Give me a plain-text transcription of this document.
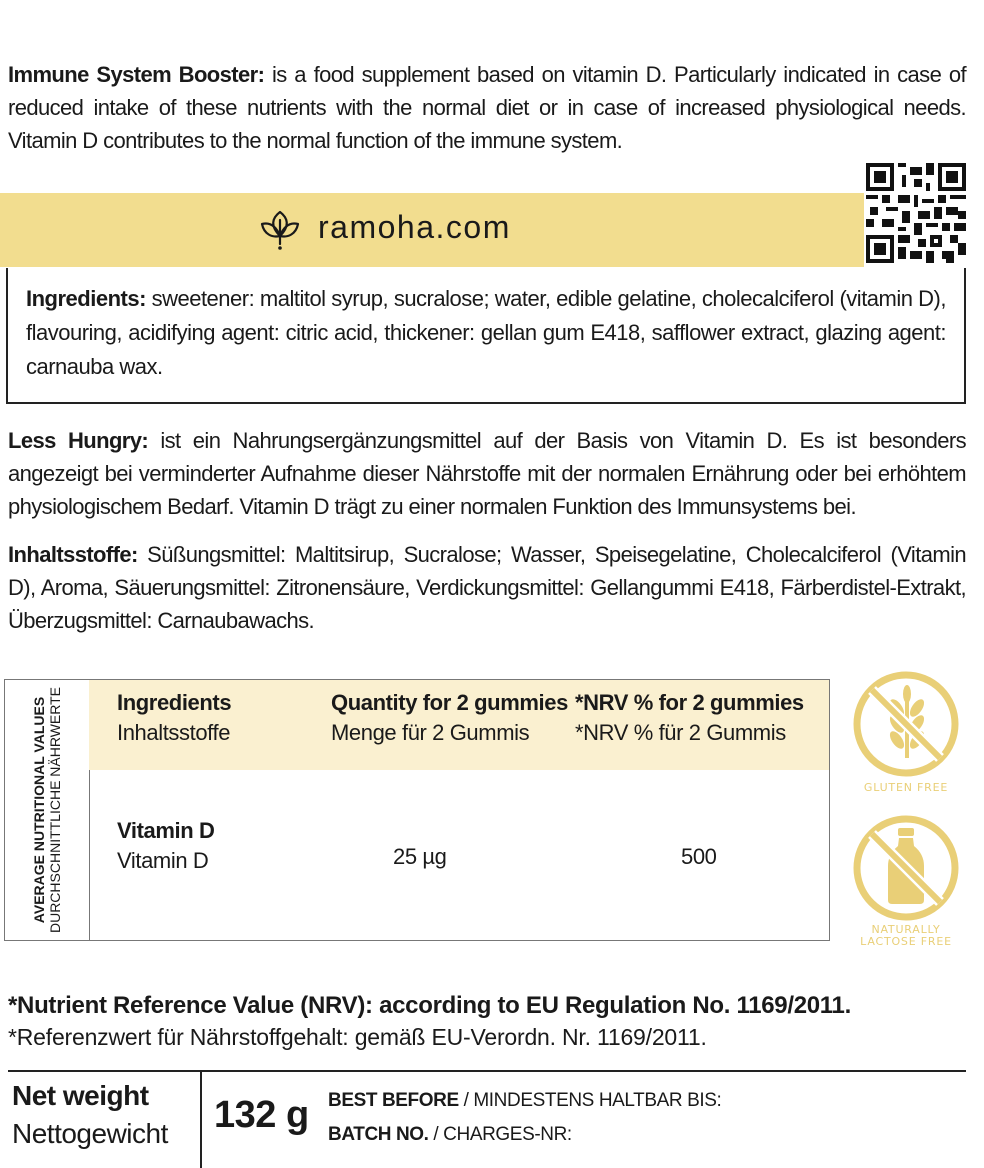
Immune System Booster: is a food supplement based on vitamin D. Particularly indicated in case of reduced intake of these nutrients with the normal diet or in case of increased physiological needs. Vitamin D contributes to the normal function of the immune system.
ramoha.com
Ingredients: sweetener: maltitol syrup, sucralose; water, edible gelatine, cholecalciferol (vitamin D), flavouring, acidifying agent: citric acid, thickener: gellan gum E418, safflower extract, glazing agent: carnauba wax.
Less Hungry: ist ein Nahrungsergänzungsmittel auf der Basis von Vitamin D. Es ist besonders angezeigt bei verminderter Aufnahme dieser Nährstoffe mit der normalen Ernährung oder bei erhöhtem physiologischem Bedarf. Vitamin D trägt zu einer normalen Funktion des Immunsystems bei.
Inhaltsstoffe: Süßungsmittel: Maltitsirup, Sucralose; Wasser, Speisegelatine, Cholecalciferol (Vitamin D), Aroma, Säuerungsmittel: Zitronensäure, Verdickungsmittel: Gellangummi E418, Färberdistel-Extrakt, Überzugsmittel: Carnaubawachs.
AVERAGE NUTRITIONAL VALUES DURCHSCHNITTLICHE NÄHRWERTE Ingredients
Inhaltsstoffe
Quantity for 2 gummies
Menge für 2 Gummis
*NRV % for 2 gummies
*NRV % für 2 Gummis
Vitamin D
Vitamin D	25 µg	500
GLUTEN FREE
NATURALLY
LACTOSE FREE
*Nutrient Reference Value (NRV): according to EU Regulation No. 1169/2011.
*Referenzwert für Nährstoffgehalt: gemäß EU-Verordn. Nr. 1169/2011.
Net weight
Nettogewicht 132 g BEST BEFORE / MINDESTENS HALTBAR BIS:
BATCH NO. / CHARGES-NR:
